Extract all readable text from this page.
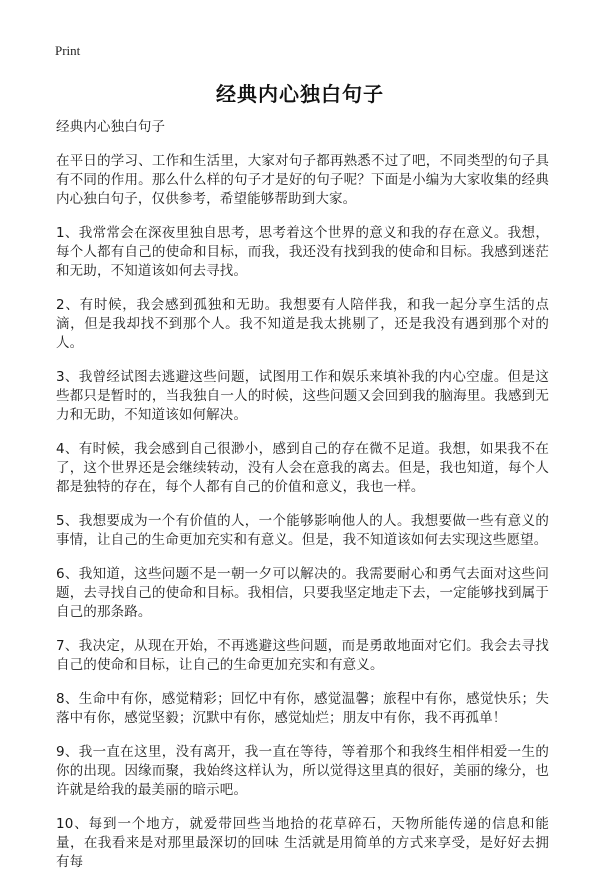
Print
经典内心独白句子

经典内心独白句子

在平日的学习、工作和生活里，大家对句子都再熟悉不过了吧，不同类型的句子具有不同的作用。那么什么样的句子才是好的句子呢？下面是小编为大家收集的经典内心独白句子，仅供参考，希望能够帮助到大家。

1、我常常会在深夜里独自思考，思考着这个世界的意义和我的存在意义。我想，每个人都有自己的使命和目标，而我，我还没有找到我的使命和目标。我感到迷茫和无助，不知道该如何去寻找。

2、有时候，我会感到孤独和无助。我想要有人陪伴我，和我一起分享生活的点滴，但是我却找不到那个人。我不知道是我太挑剔了，还是我没有遇到那个对的人。

3、我曾经试图去逃避这些问题，试图用工作和娱乐来填补我的内心空虚。但是这些都只是暂时的，当我独自一人的时候，这些问题又会回到我的脑海里。我感到无力和无助，不知道该如何解决。

4、有时候，我会感到自己很渺小，感到自己的存在微不足道。我想，如果我不在了，这个世界还是会继续转动，没有人会在意我的离去。但是，我也知道，每个人都是独特的存在，每个人都有自己的价值和意义，我也一样。

5、我想要成为一个有价值的人，一个能够影响他人的人。我想要做一些有意义的事情，让自己的生命更加充实和有意义。但是，我不知道该如何去实现这些愿望。

6、我知道，这些问题不是一朝一夕可以解决的。我需要耐心和勇气去面对这些问题，去寻找自己的使命和目标。我相信，只要我坚定地走下去，一定能够找到属于自己的那条路。

7、我决定，从现在开始，不再逃避这些问题，而是勇敢地面对它们。我会去寻找自己的使命和目标，让自己的生命更加充实和有意义。

8、生命中有你，感觉精彩；回忆中有你，感觉温馨；旅程中有你，感觉快乐；失落中有你，感觉坚毅；沉默中有你，感觉灿烂；朋友中有你，我不再孤单！

9、我一直在这里，没有离开，我一直在等待，等着那个和我终生相伴相爱一生的你的出现。因缘而聚，我始终这样认为，所以觉得这里真的很好，美丽的缘分，也许就是给我的最美丽的暗示吧。

10、每到一个地方，就爱带回些当地拾的花草碎石，天物所能传递的信息和能量，在我看来是对那里最深切的回味 生活就是用简单的方式来享受，是好好去拥有每
